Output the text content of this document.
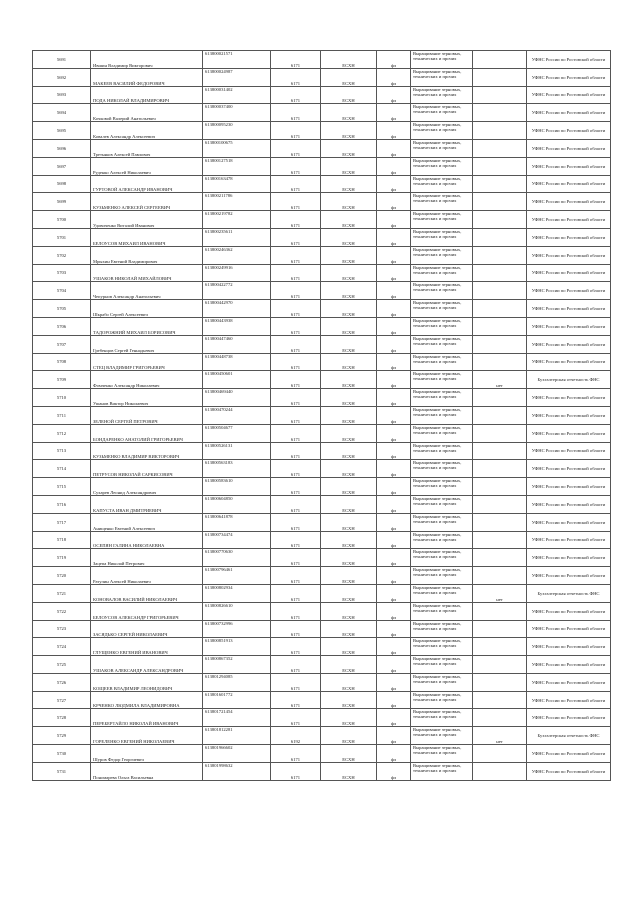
5691	Ившин Владимир Викторович	613800021571	6171	ЕСХН	фл	Выращивание зерновых, технических и прочих		УФНС России по Ростовской области
5692	МАКЕЕВ ВАСИЛИЙ ФЕДОРОВИЧ	613800024987	6171	ЕСХН	фл	Выращивание зерновых, технических и прочих		УФНС России по Ростовской области
5693	ПОДА НИКОЛАЙ ВЛАДИМИРОВИЧ	613800031402	6171	ЕСХН	фл	Выращивание зерновых, технических и прочих		УФНС России по Ростовской области
5694	Кочковой Валерий Анатольевич	613800037400	6171	ЕСХН	фл	Выращивание зерновых, технических и прочих		УФНС России по Ростовской области
5695	Ковалев Александр Алексеевич	613800095230	6171	ЕСХН	фл	Выращивание зерновых, технических и прочих		УФНС России по Ростовской области
5696	Третьяков Алексей Павлович	613800100675	6171	ЕСХН	фл	Выращивание зерновых, технических и прочих		УФНС России по Ростовской области
5697	Руденко Алексей Николаевич	613800127518	6171	ЕСХН	фл	Выращивание зерновых, технических и прочих		УФНС России по Ростовской области
5698	ГУРТОВОЙ АЛЕКСАНДР ИВАНОВИЧ	613800163478	6171	ЕСХН	фл	Выращивание зерновых, технических и прочих		УФНС России по Ростовской области
5699	КУЗЬМЕНКО АЛЕКСЕЙ СЕРГЕЕВИЧ	613800211786	6171	ЕСХН	фл	Выращивание зерновых, технических и прочих		УФНС России по Ростовской области
5700	Удовиченко Виталий Иванович	613800219782	6171	ЕСХН	фл	Выращивание зерновых, технических и прочих		УФНС России по Ростовской области
5701	БЕЛОУСОВ МИХАИЛ ИВАНОВИЧ	613800235611	6171	ЕСХН	фл	Выращивание зерновых, технических и прочих		УФНС России по Ростовской области
5702	Мрыхин Евгений Владимирович	613800246362	6171	ЕСХН	фл	Выращивание зерновых, технических и прочих		УФНС России по Ростовской области
5703	УШАКОВ НИКОЛАЙ МИХАЙЛОВИЧ	613800249916	6171	ЕСХН	фл	Выращивание зерновых, технических и прочих		УФНС России по Ростовской области
5704	Чепурнов Александр Анатольевич	613800422772	6171	ЕСХН	фл	Выращивание зерновых, технических и прочих		УФНС России по Ростовской области
5705	Шкрабо Сергей Алексеевич	613800442970	6171	ЕСХН	фл	Выращивание зерновых, технических и прочих		УФНС России по Ростовской области
5706	ТАДОРОЖНИЙ МИХАИЛ БОРИСОВИЧ	613800443938	6171	ЕСХН	фл	Выращивание зерновых, технических и прочих		УФНС России по Ростовской области
5707	Гребенцов Сергей Геннадьевич	613800447460	6171	ЕСХН	фл	Выращивание зерновых, технических и прочих		УФНС России по Ростовской области
5708	СТЕЦ ВЛАДИМИР ГРИГОРЬЕВИЧ	613800448738	6171	ЕСХН	фл	Выращивание зерновых, технических и прочих		УФНС России по Ростовской области
5709	Фомченко Александр Николаевич	613800450601	6171	ЕСХН	фл	Выращивание зерновых, технических и прочих	нет	Бухгалтерская отчетность ФНС
5710	Ушанов Виктор Николаевич	613800469440	6171	ЕСХН	фл	Выращивание зерновых, технических и прочих		УФНС России по Ростовской области
5711	ЗЕЛЕНОЙ СЕРГЕЙ ПЕТРОВИЧ	613800470244	6171	ЕСХН	фл	Выращивание зерновых, технических и прочих		УФНС России по Ростовской области
5712	БОНДАРЕНКО АНАТОЛИЙ ГРИГОРЬЕВИЧ	613800504677	6171	ЕСХН	фл	Выращивание зерновых, технических и прочих		УФНС России по Ростовской области
5713	КУЗЬМЕНКО ВЛАДИМИР ВИКТОРОВИЧ	613800526131	6171	ЕСХН	фл	Выращивание зерновых, технических и прочих		УФНС России по Ростовской области
5714	ПЕТРУСОВ НИКОЛАЙ САРКИСОВИЧ	613800563183	6171	ЕСХН	фл	Выращивание зерновых, технических и прочих		УФНС России по Ростовской области
5715	Сухарев Леонид Александрович	613800583610	6171	ЕСХН	фл	Выращивание зерновых, технических и прочих		УФНС России по Ростовской области
5716	КАПУСТА ИВАН ДМИТРИЕВИЧ	613800604850	6171	ЕСХН	фл	Выращивание зерновых, технических и прочих		УФНС России по Ростовской области
5717	Анищенко Евгений Алексеевич	613800641878	6171	ЕСХН	фл	Выращивание зерновых, технических и прочих		УФНС России по Ростовской области
5718	ОСЕПЯН ГАЛИНА НИКОЛАЕВНА	613800734474	6171	ЕСХН	фл	Выращивание зерновых, технических и прочих		УФНС России по Ростовской области
5719	Зацепа Николай Петрович	613800770630	6171	ЕСХН	фл	Выращивание зерновых, технических и прочих		УФНС России по Ростовской области
5720	Ратулин Алексей Николаевич	613800796461	6171	ЕСХН	фл	Выращивание зерновых, технических и прочих		УФНС России по Ростовской области
5721	КОНОВАЛОВ ВАСИЛИЙ НИКОЛАЕВИЧ	613800802934	6171	ЕСХН	фл	Выращивание зерновых, технических и прочих	нет	Бухгалтерская отчетность ФНС
5722	БЕЛОУСОВ АЛЕКСАНДР ГРИГОРЬЕВИЧ	613800826610	6171	ЕСХН	фл	Выращивание зерновых, технических и прочих		УФНС России по Ростовской области
5723	ЗАСЯДЬКО СЕРГЕЙ НИКОЛАЕВИЧ	613800732996	6171	ЕСХН	фл	Выращивание зерновых, технических и прочих		УФНС России по Ростовской области
5724	ГЛУЩЕНКО ЕВГЕНИЙ ИВАНОВИЧ	613800851913	6171	ЕСХН	фл	Выращивание зерновых, технических и прочих		УФНС России по Ростовской области
5725	УШАКОВ АЛЕКСАНДР АЛЕКСАНДРОВИЧ	613800867352	6171	ЕСХН	фл	Выращивание зерновых, технических и прочих		УФНС России по Ростовской области
5726	КОЩЕЕВ ВЛАДИМИР ЛЕОНИДОВИЧ	613801294085	6171	ЕСХН	фл	Выращивание зерновых, технических и прочих		УФНС России по Ростовской области
5727	КРЧЕНКО ЛЮДМИЛА ВЛАДИМИРОВНА	613801601772	6171	ЕСХН	фл	Выращивание зерновых, технических и прочих		УФНС России по Ростовской области
5728	ПЕРЕБЕРТАЙЛО НИКОЛАЙ ИВАНОВИЧ	613801721454	6171	ЕСХН	фл	Выращивание зерновых, технических и прочих		УФНС России по Ростовской области
5729	ГОРЕЛЕНКО ЕВГЕНИЙ НИКОЛАЕВИЧ	613801812281	6192	ЕСХН	фл	Выращивание зерновых, технических и прочих	нет	Бухгалтерская отчетность ФНС
5730	Шуров Федор Георгиевич	613801966602	6171	ЕСХН	фл	Выращивание зерновых, технических и прочих		УФНС России по Ростовской области
5731	Пономарева Ольга Васильевна	613801998632	6171	ЕСХН	фл	Выращивание зерновых, технических и прочих		УФНС России по Ростовской области
